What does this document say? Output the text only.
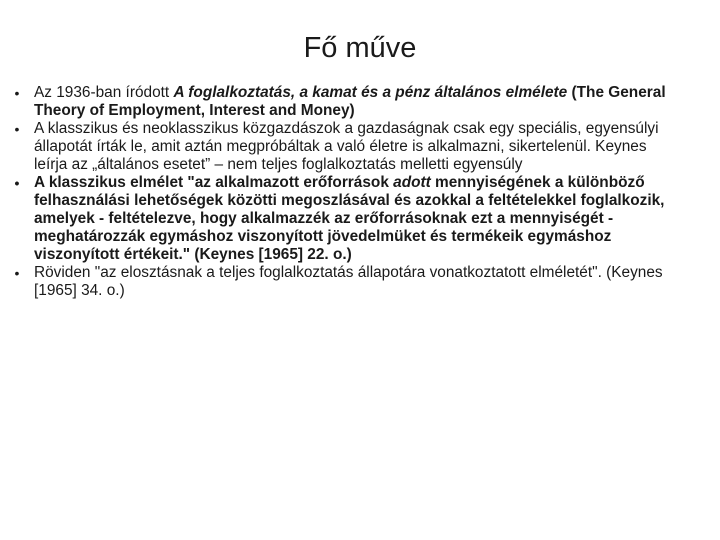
Fő műve
• Az 1936-ban íródott A foglalkoztatás, a kamat és a pénz általános elmélete (The General Theory of Employment, Interest and Money)
• A klasszikus és neoklasszikus közgazdászok a gazdaságnak csak egy speciális, egyensúlyi állapotát írták le, amit aztán megpróbáltak a való életre is alkalmazni, sikertelenül. Keynes leírja az „általános esetet” – nem teljes foglalkoztatás melletti egyensúly
• A klasszikus elmélet "az alkalmazott erőforrások adott mennyiségének a különböző felhasználási lehetőségek közötti megoszlásával és azokkal a feltételekkel foglalkozik, amelyek - feltételezve, hogy alkalmazzék az erőforrásoknak ezt a mennyiségét - meghatározzák egymáshoz viszonyított jövedelmüket és termékeik egymáshoz viszonyított értékeit." (Keynes [1965] 22. o.)
• Röviden "az elosztásnak a teljes foglalkoztatás állapotára vonatkoztatott elméletét". (Keynes [1965] 34. o.)
